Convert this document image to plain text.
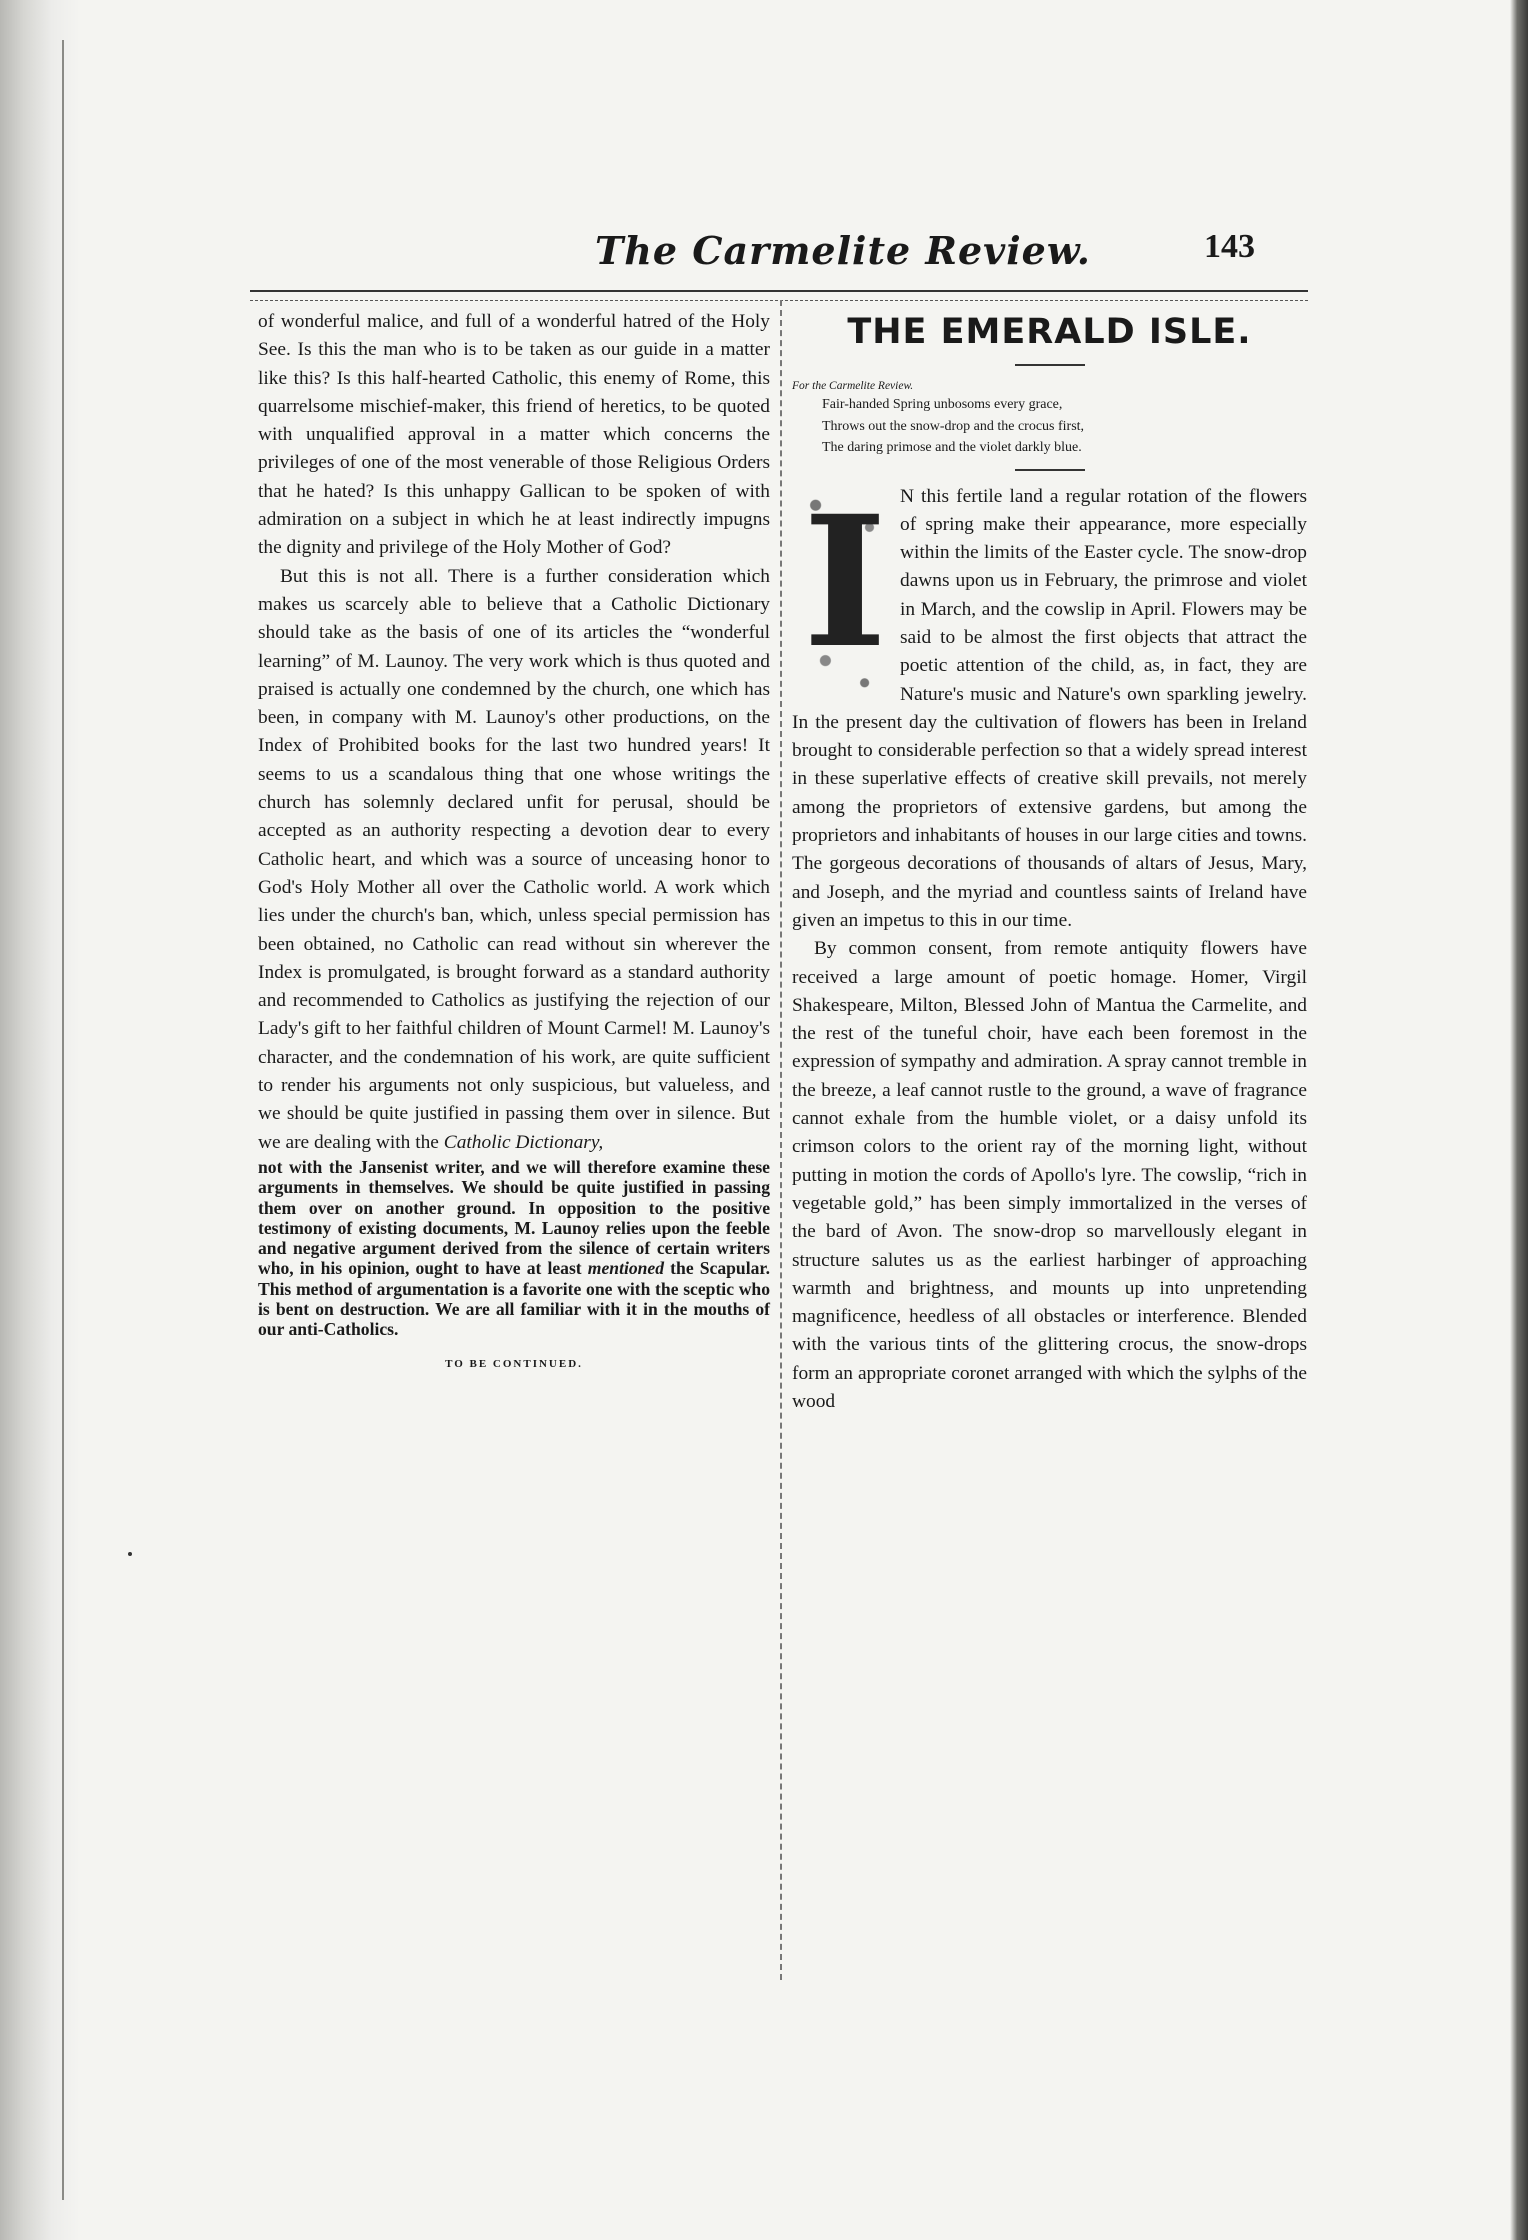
The Carmelite Review.	143

of wonderful malice, and full of a wonderful hatred of the Holy See. Is this the man who is to be taken as our guide in a matter like this? Is this half-hearted Catholic, this enemy of Rome, this quarrelsome mischief-maker, this friend of heretics, to be quoted with unqualified approval in a matter which concerns the privileges of one of the most venerable of those Religious Orders that he hated? Is this unhappy Gallican to be spoken of with admiration on a subject in which he at least indirectly impugns the dignity and privilege of the Holy Mother of God?

But this is not all. There is a further consideration which makes us scarcely able to believe that a Catholic Dictionary should take as the basis of one of its articles the “wonderful learning” of M. Launoy. The very work which is thus quoted and praised is actually one condemned by the church, one which has been, in company with M. Launoy's other productions, on the Index of Prohibited books for the last two hundred years! It seems to us a scandalous thing that one whose writings the church has solemnly declared unfit for perusal, should be accepted as an authority respecting a devotion dear to every Catholic heart, and which was a source of unceasing honor to God's Holy Mother all over the Catholic world. A work which lies under the church's ban, which, unless special permission has been obtained, no Catholic can read without sin wherever the Index is promulgated, is brought forward as a standard authority and recommended to Catholics as justifying the rejection of our Lady's gift to her faithful children of Mount Carmel! M. Launoy's character, and the condemnation of his work, are quite sufficient to render his arguments not only suspicious, but valueless, and we should be quite justified in passing them over in silence. But we are dealing with the Catholic Dictionary,

not with the Jansenist writer, and we will therefore examine these arguments in themselves. We should be quite justified in passing them over on another ground. In opposition to the positive testimony of existing documents, M. Launoy relies upon the feeble and negative argument derived from the silence of certain writers who, in his opinion, ought to have at least mentioned the Scapular. This method of argumentation is a favorite one with the sceptic who is bent on destruction. We are all familiar with it in the mouths of our anti-Catholics.

TO BE CONTINUED.
THE EMERALD ISLE.

For the Carmelite Review.

Fair-handed Spring unbosoms every grace,

Throws out the snow-drop and the crocus first,

The daring primose and the violet darkly blue.

I N this fertile land a regular rotation of the flowers of spring make their appearance, more especially within the limits of the Easter cycle. The snow-drop dawns upon us in February, the primrose and violet in March, and the cowslip in April. Flowers may be said to be almost the first objects that attract the poetic attention of the child, as, in fact, they are Nature's music and Nature's own sparkling jewelry. In the present day the cultivation of flowers has been in Ireland brought to considerable perfection so that a widely spread interest in these superlative effects of creative skill prevails, not merely among the proprietors of extensive gardens, but among the proprietors and inhabitants of houses in our large cities and towns. The gorgeous decorations of thousands of altars of Jesus, Mary, and Joseph, and the myriad and countless saints of Ireland have given an impetus to this in our time.

By common consent, from remote antiquity flowers have received a large amount of poetic homage. Homer, Virgil Shakespeare, Milton, Blessed John of Mantua the Carmelite, and the rest of the tuneful choir, have each been foremost in the expression of sympathy and admiration. A spray cannot tremble in the breeze, a leaf cannot rustle to the ground, a wave of fragrance cannot exhale from the humble violet, or a daisy unfold its crimson colors to the orient ray of the morning light, without putting in motion the cords of Apollo's lyre. The cowslip, “rich in vegetable gold,” has been simply immortalized in the verses of the bard of Avon. The snow-drop so marvellously elegant in structure salutes us as the earliest harbinger of approaching warmth and brightness, and mounts up into unpretending magnificence, heedless of all obstacles or interference. Blended with the various tints of the glittering crocus, the snow-drops form an appropriate coronet arranged with which the sylphs of the wood
